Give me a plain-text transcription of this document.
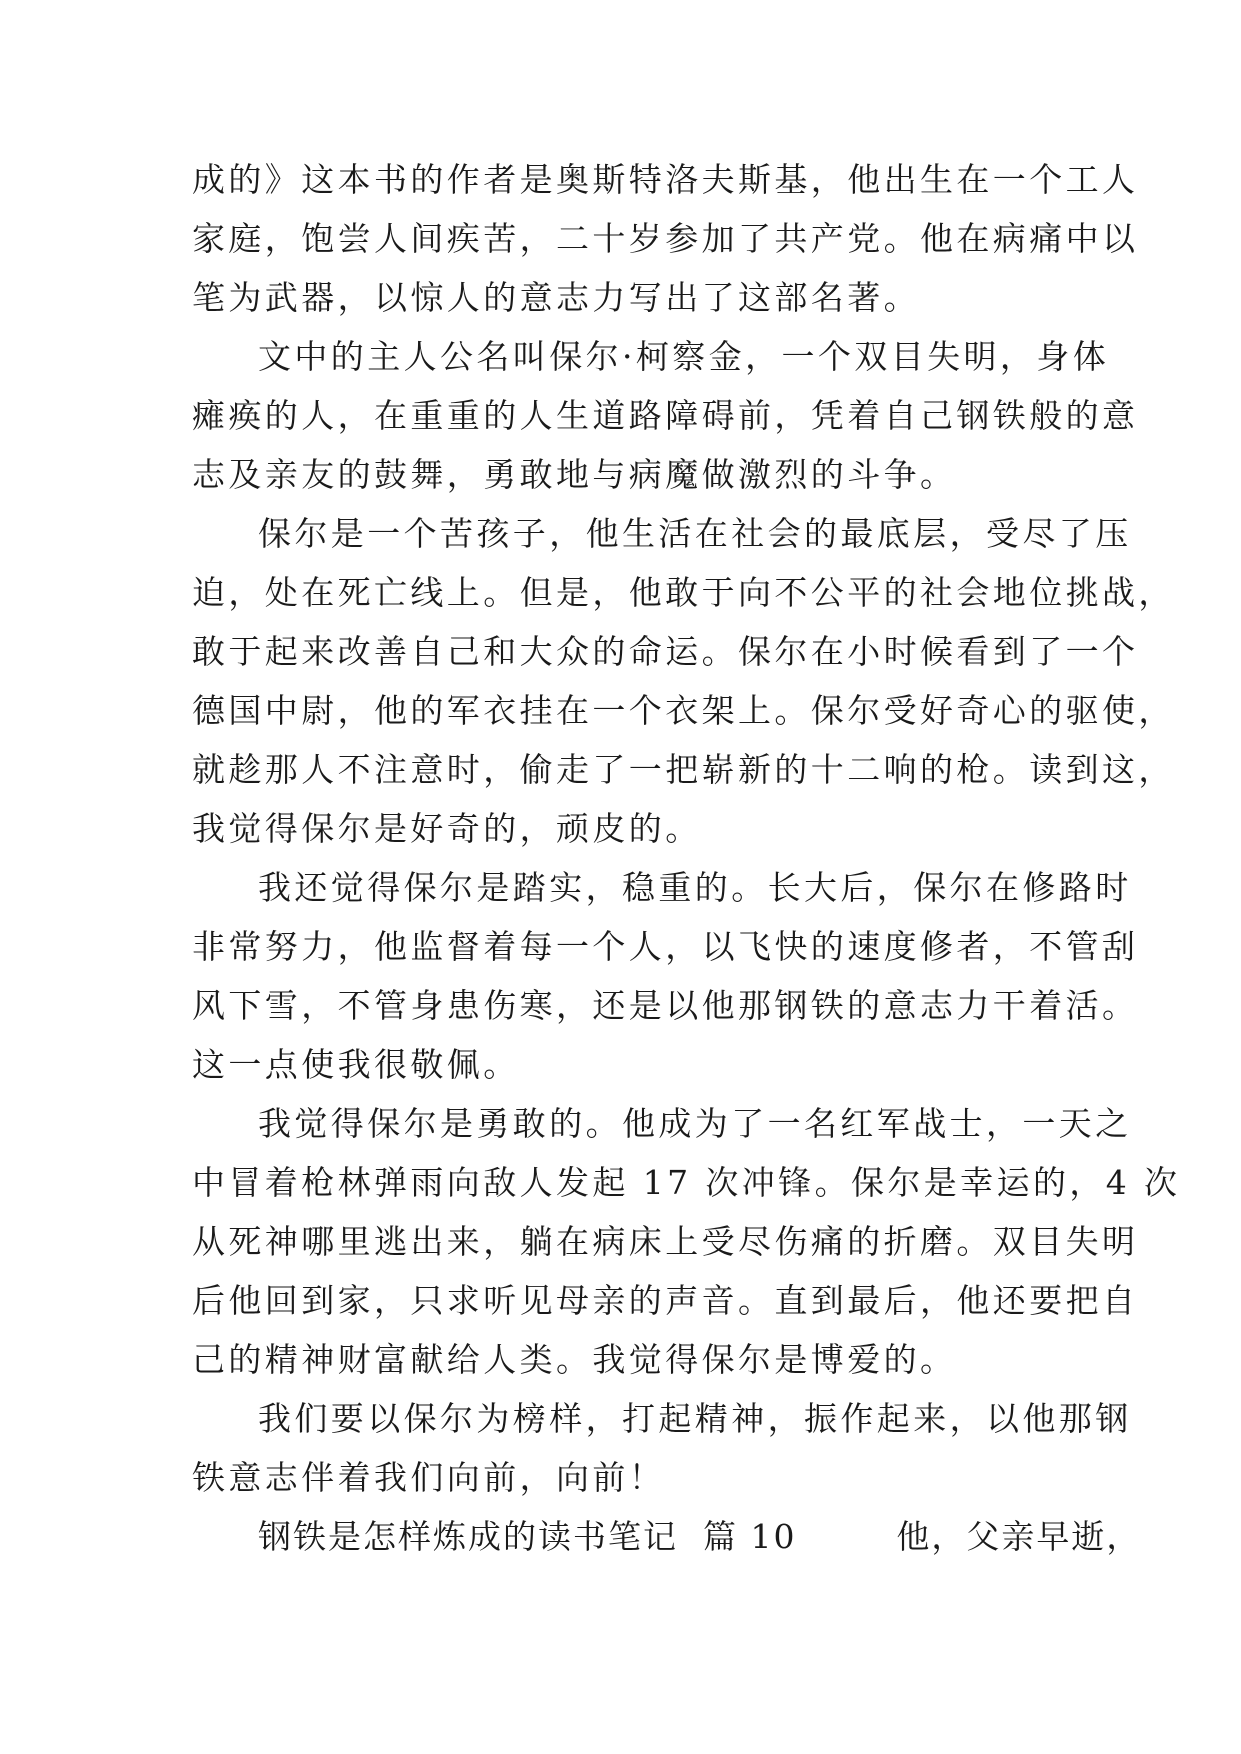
成的》这本书的作者是奥斯特洛夫斯基，他出生在一个工人
家庭，饱尝人间疾苦，二十岁参加了共产党。他在病痛中以
笔为武器，以惊人的意志力写出了这部名著。
文中的主人公名叫保尔·柯察金，一个双目失明，身体
瘫痪的人，在重重的人生道路障碍前，凭着自己钢铁般的意
志及亲友的鼓舞，勇敢地与病魔做激烈的斗争。
保尔是一个苦孩子，他生活在社会的最底层，受尽了压
迫，处在死亡线上。但是，他敢于向不公平的社会地位挑战，
敢于起来改善自己和大众的命运。保尔在小时候看到了一个
德国中尉，他的军衣挂在一个衣架上。保尔受好奇心的驱使，
就趁那人不注意时，偷走了一把崭新的十二响的枪。读到这，
我觉得保尔是好奇的，顽皮的。
我还觉得保尔是踏实，稳重的。长大后，保尔在修路时
非常努力，他监督着每一个人，以飞快的速度修者，不管刮
风下雪，不管身患伤寒，还是以他那钢铁的意志力干着活。
这一点使我很敬佩。
我觉得保尔是勇敢的。他成为了一名红军战士，一天之
中冒着枪林弹雨向敌人发起 17 次冲锋。保尔是幸运的，4 次
从死神哪里逃出来，躺在病床上受尽伤痛的折磨。双目失明
后他回到家，只求听见母亲的声音。直到最后，他还要把自
己的精神财富献给人类。我觉得保尔是博爱的。
我们要以保尔为榜样，打起精神，振作起来，以他那钢
铁意志伴着我们向前，向前！
钢铁是怎样炼成的读书笔记  篇 10        他，父亲早逝，
